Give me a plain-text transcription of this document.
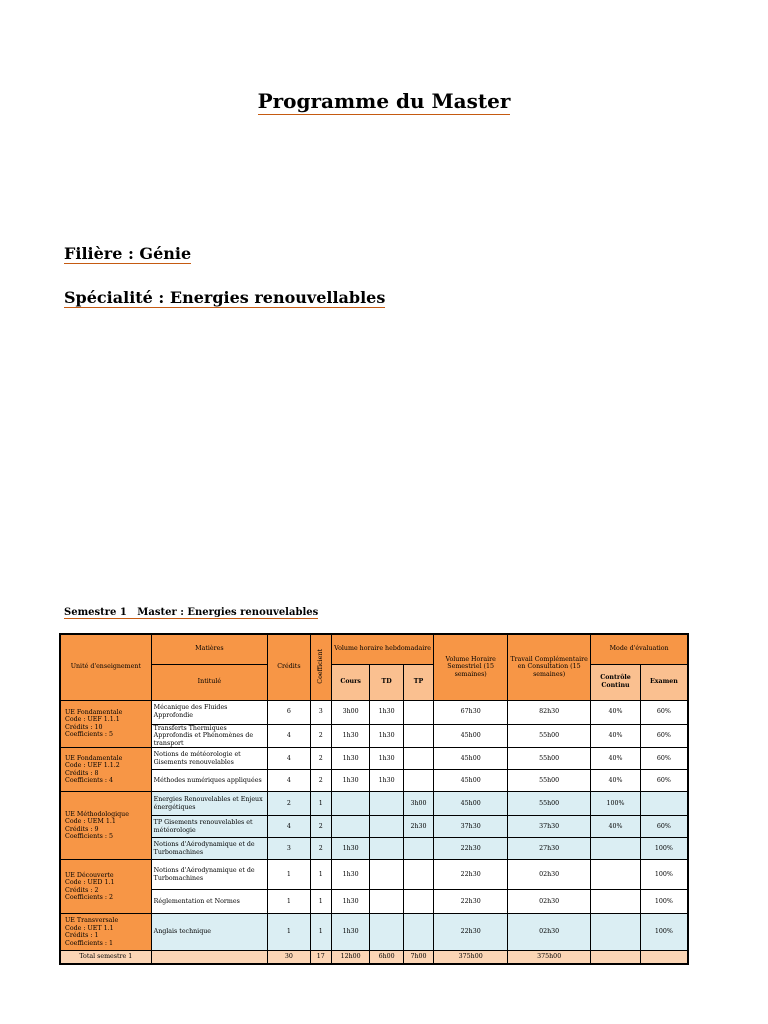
Programme du Master
Filière : Génie
Spécialité : Energies renouvellables
Semestre 1   Master : Energies renouvelables
Unité d'enseignement	Matières	Crédits	Coefficient	Volume horaire hebdomadaire			Volume Horaire Semestriel (15 semaines)	Travail Complémentaire en Consultation (15 semaines)	Mode d'évaluation	
	Intitulé			Cours	TD	TP			Contrôle Continu	Examen

UE Fondamentale
Code : UEF 1.1.1
Crédits : 10
Coefficients : 5	Mécanique des Fluides Approfondie	6	3	3h00	1h30		67h30	82h30	40%	60%
	Transferts Thermiques Approfondis et Phénomènes de transport	4	2	1h30	1h30		45h00	55h00	40%	60%

UE Fondamentale
Code : UEF 1.1.2
Crédits : 8
Coefficients : 4	Notions de météorologie et Gisements renouvelables	4	2	1h30	1h30		45h00	55h00	40%	60%
	Méthodes numériques appliquées	4	2	1h30	1h30		45h00	55h00	40%	60%

UE Méthodologique
Code : UEM 1.1
Crédits : 9
Coefficients : 5	Energies Renouvelables et Enjeux énergétiques	2	1			3h00	45h00	55h00	100%	
	TP Gisements renouvelables et météorologie	4	2			2h30	37h30	37h30	40%	60%
	Notions d'Aérodynamique et de Turbomachines	3	2	1h30			22h30	27h30		100%

UE Découverte
Code : UED 1.1
Crédits : 2
Coefficients : 2	Notions d'Aérodynamique et de Turbomachines	1	1	1h30			22h30	02h30		100%
	Réglementation et Normes	1	1	1h30			22h30	02h30		100%

UE Transversale
Code : UET 1.1
Crédits : 1
Coefficients : 1	Anglais technique	1	1	1h30			22h30	02h30		100%
Total semestre 1		30	17	12h00	6h00	7h00	375h00	375h00		
